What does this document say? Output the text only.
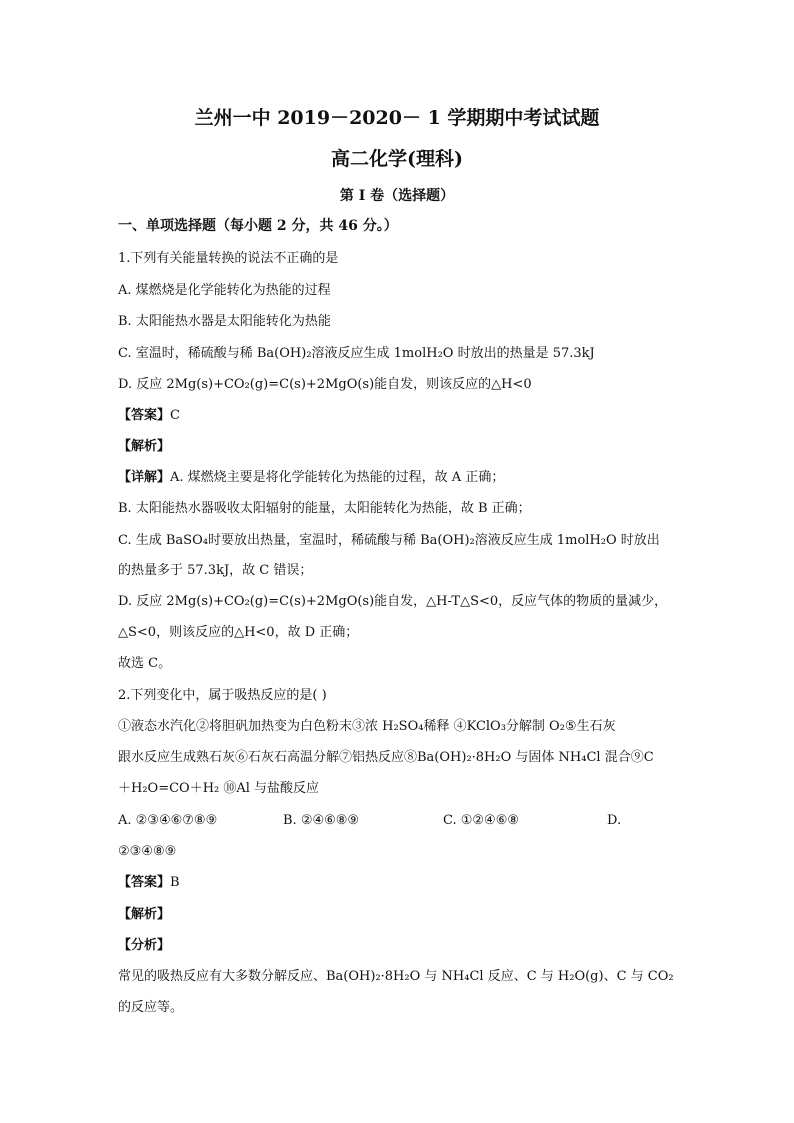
兰州一中 2019－2020－ 1 学期期中考试试题
高二化学(理科)
第 I 卷（选择题）
一、单项选择题（每小题 2 分，共 46 分。）
1.下列有关能量转换的说法不正确的是
A. 煤燃烧是化学能转化为热能的过程
B. 太阳能热水器是太阳能转化为热能
C. 室温时，稀硫酸与稀 Ba(OH)₂溶液反应生成 1molH₂O 时放出的热量是 57.3kJ
D. 反应 2Mg(s)+CO₂(g)=C(s)+2MgO(s)能自发，则该反应的△H<0
【答案】C
【解析】
【详解】A. 煤燃烧主要是将化学能转化为热能的过程，故 A 正确；
B. 太阳能热水器吸收太阳辐射的能量，太阳能转化为热能，故 B 正确；
C. 生成 BaSO₄时要放出热量，室温时，稀硫酸与稀 Ba(OH)₂溶液反应生成 1molH₂O 时放出
的热量多于 57.3kJ，故 C 错误；
D. 反应 2Mg(s)+CO₂(g)=C(s)+2MgO(s)能自发，△H-T△S<0，反应气体的物质的量减少，
△S<0，则该反应的△H<0，故 D 正确；
故选 C。
2.下列变化中，属于吸热反应的是( )
①液态水汽化②将胆矾加热变为白色粉末③浓 H₂SO₄稀释 ④KClO₃分解制 O₂⑤生石灰
跟水反应生成熟石灰⑥石灰石高温分解⑦铝热反应⑧Ba(OH)₂·8H₂O 与固体 NH₄Cl 混合⑨C
＋H₂O=CO＋H₂ ⑩Al 与盐酸反应
A. ②③④⑥⑦⑧⑨	B. ②④⑥⑧⑨	C. ①②④⑥⑧	D.
②③④⑧⑨
【答案】B
【解析】
【分析】
常见的吸热反应有大多数分解反应、Ba(OH)₂·8H₂O 与 NH₄Cl 反应、C 与 H₂O(g)、C 与 CO₂
的反应等。
